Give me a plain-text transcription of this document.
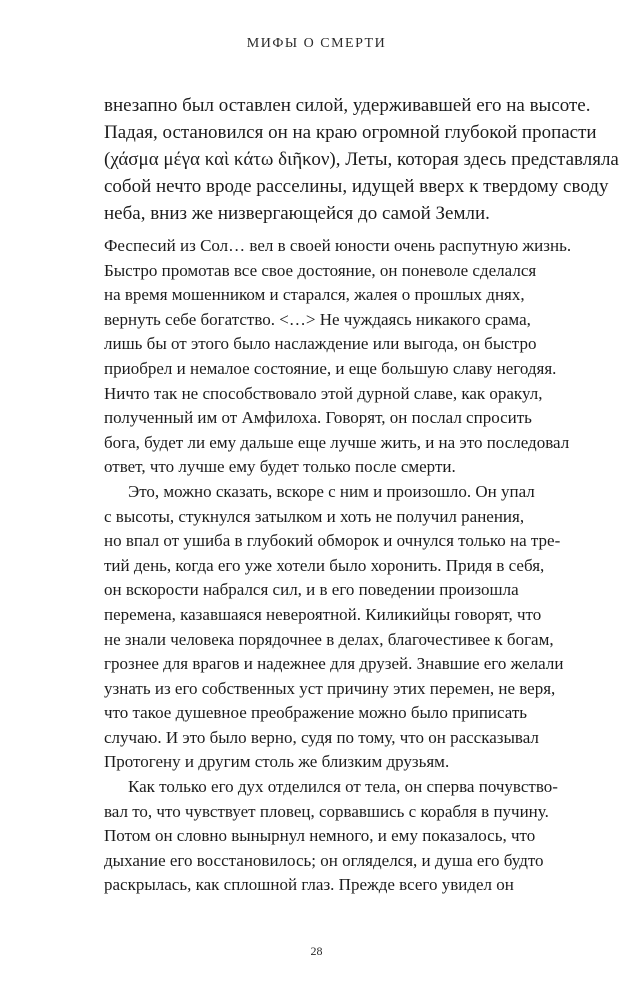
МИФЫ О СМЕРТИ
внезапно был оставлен силой, удерживавшей его на высоте.
Падая, остановился он на краю огромной глубокой пропасти
(χάσμα μέγα καὶ κάτω διῆκον), Леты, которая здесь представляла
собой нечто вроде расселины, идущей вверх к твердому своду
неба, вниз же низвергающейся до самой Земли.
Феспесий из Сол… вел в своей юности очень распутную жизнь.
Быстро промотав все свое достояние, он поневоле сделался
на время мошенником и старался, жалея о прошлых днях,
вернуть себе богатство. <…> Не чуждаясь никакого срама,
лишь бы от этого было наслаждение или выгода, он быстро
приобрел и немалое состояние, и еще большую славу негодяя.
Ничто так не способствовало этой дурной славе, как оракул,
полученный им от Амфилоха. Говорят, он послал спросить
бога, будет ли ему дальше еще лучше жить, и на это последовал
ответ, что лучше ему будет только после смерти.
Это, можно сказать, вскоре с ним и произошло. Он упал
с высоты, стукнулся затылком и хоть не получил ранения,
но впал от ушиба в глубокий обморок и очнулся только на тре-
тий день, когда его уже хотели было хоронить. Придя в себя,
он вскорости набрался сил, и в его поведении произошла
перемена, казавшаяся невероятной. Киликийцы говорят, что
не знали человека порядочнее в делах, благочестивее к богам,
грознее для врагов и надежнее для друзей. Знавшие его желали
узнать из его собственных уст причину этих перемен, не веря,
что такое душевное преображение можно было приписать
случаю. И это было верно, судя по тому, что он рассказывал
Протогену и другим столь же близким друзьям.
Как только его дух отделился от тела, он сперва почувство-
вал то, что чувствует пловец, сорвавшись с корабля в пучину.
Потом он словно вынырнул немного, и ему показалось, что
дыхание его восстановилось; он огляделся, и душа его будто
раскрылась, как сплошной глаз. Прежде всего увидел он
28
